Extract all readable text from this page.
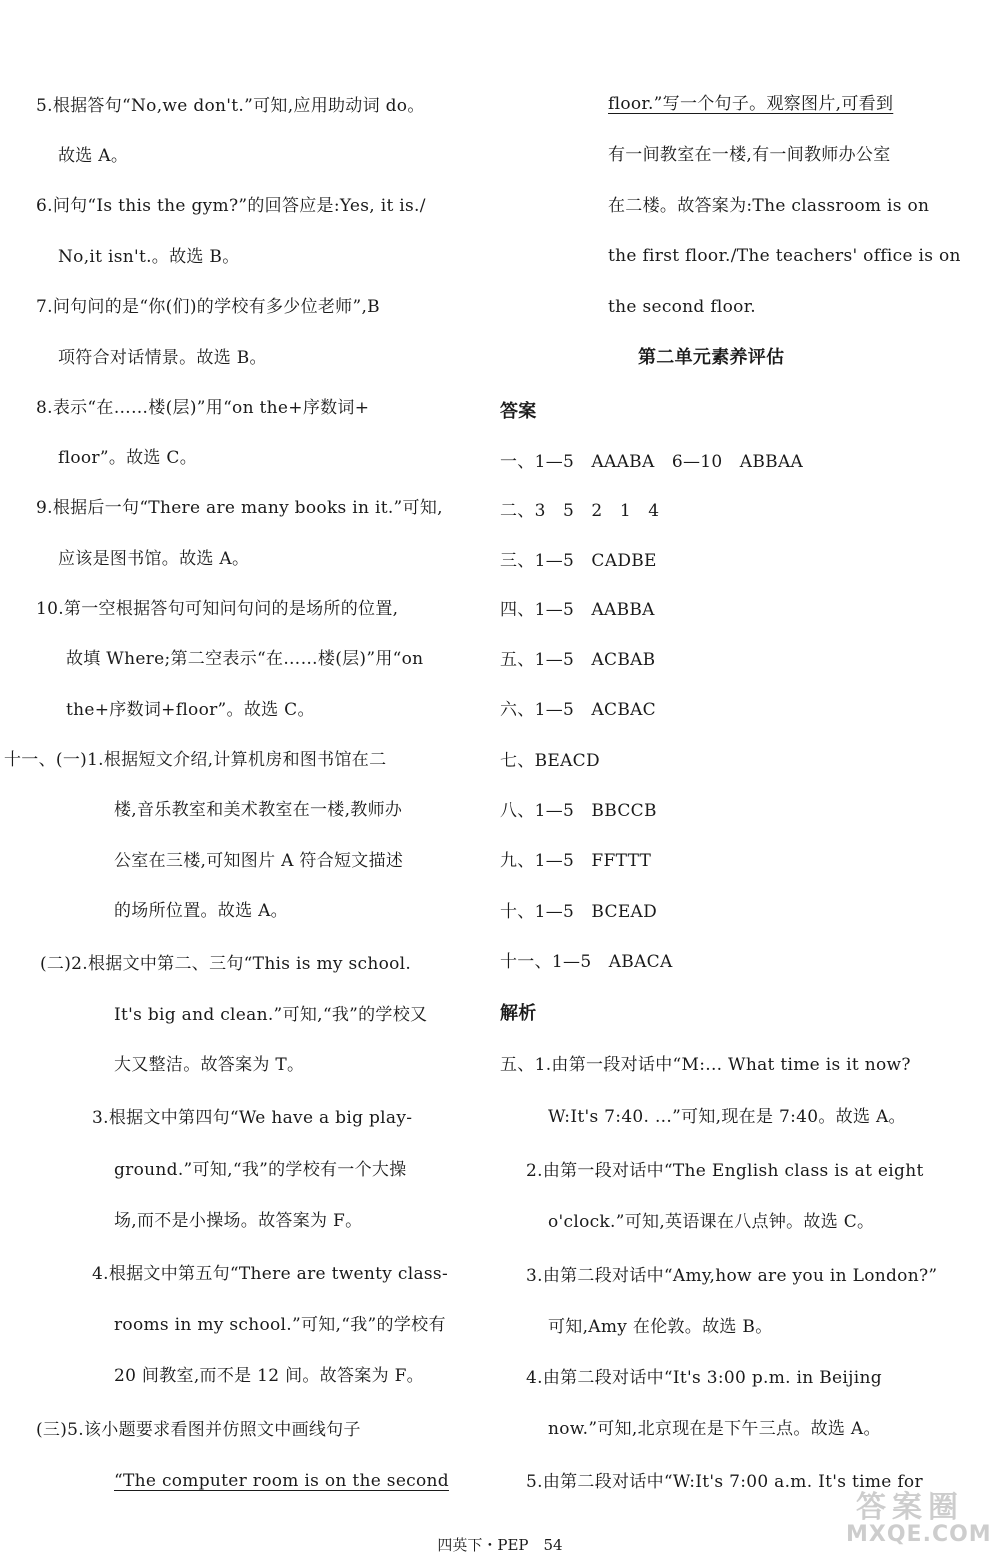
5.根据答句“No,we don't.”可知,应用助动词 do。
故选 A。
6.问句“Is this the gym?”的回答应是:Yes, it is./
No,it isn't.。故选 B。
7.问句问的是“你(们)的学校有多少位老师”,B
项符合对话情景。故选 B。
8.表示“在……楼(层)”用“on the+序数词+
floor”。故选 C。
9.根据后一句“There are many books in it.”可知,
应该是图书馆。故选 A。
10.第一空根据答句可知问句问的是场所的位置,
故填 Where;第二空表示“在……楼(层)”用“on
the+序数词+floor”。故选 C。
十一、(一)1.根据短文介绍,计算机房和图书馆在二
楼,音乐教室和美术教室在一楼,教师办
公室在三楼,可知图片 A 符合短文描述
的场所位置。故选 A。
(二)2.根据文中第二、三句“This is my school.
It's big and clean.”可知,“我”的学校又
大又整洁。故答案为 T。
3.根据文中第四句“We have a big play-
ground.”可知,“我”的学校有一个大操
场,而不是小操场。故答案为 F。
4.根据文中第五句“There are twenty class-
rooms in my school.”可知,“我”的学校有
20 间教室,而不是 12 间。故答案为 F。
(三)5.该小题要求看图并仿照文中画线句子
“The computer room is on the second
floor.”写一个句子。观察图片,可看到
有一间教室在一楼,有一间教师办公室
在二楼。故答案为:The classroom is on
the first floor./The teachers' office is on
the second floor.
第二单元素养评估
答案
一、1—5　AAABA　6—10　ABBAA
二、3　5　2　1　4
三、1—5　CADBE
四、1—5　AABBA
五、1—5　ACBAB
六、1—5　ACBAC
七、BEACD
八、1—5　BBCCB
九、1—5　FFTTT
十、1—5　BCEAD
十一、1—5　ABACA
解析
五、1.由第一段对话中“M:... What time is it now?
W:It's 7:40. ...”可知,现在是 7:40。故选 A。
2.由第一段对话中“The English class is at eight
o'clock.”可知,英语课在八点钟。故选 C。
3.由第二段对话中“Amy,how are you in London?”
可知,Amy 在伦敦。故选 B。
4.由第二段对话中“It's 3:00 p.m. in Beijing
now.”可知,北京现在是下午三点。故选 A。
5.由第二段对话中“W:It's 7:00 a.m. It's time for
四英下・PEP　54
答案圈
MXQE.COM
